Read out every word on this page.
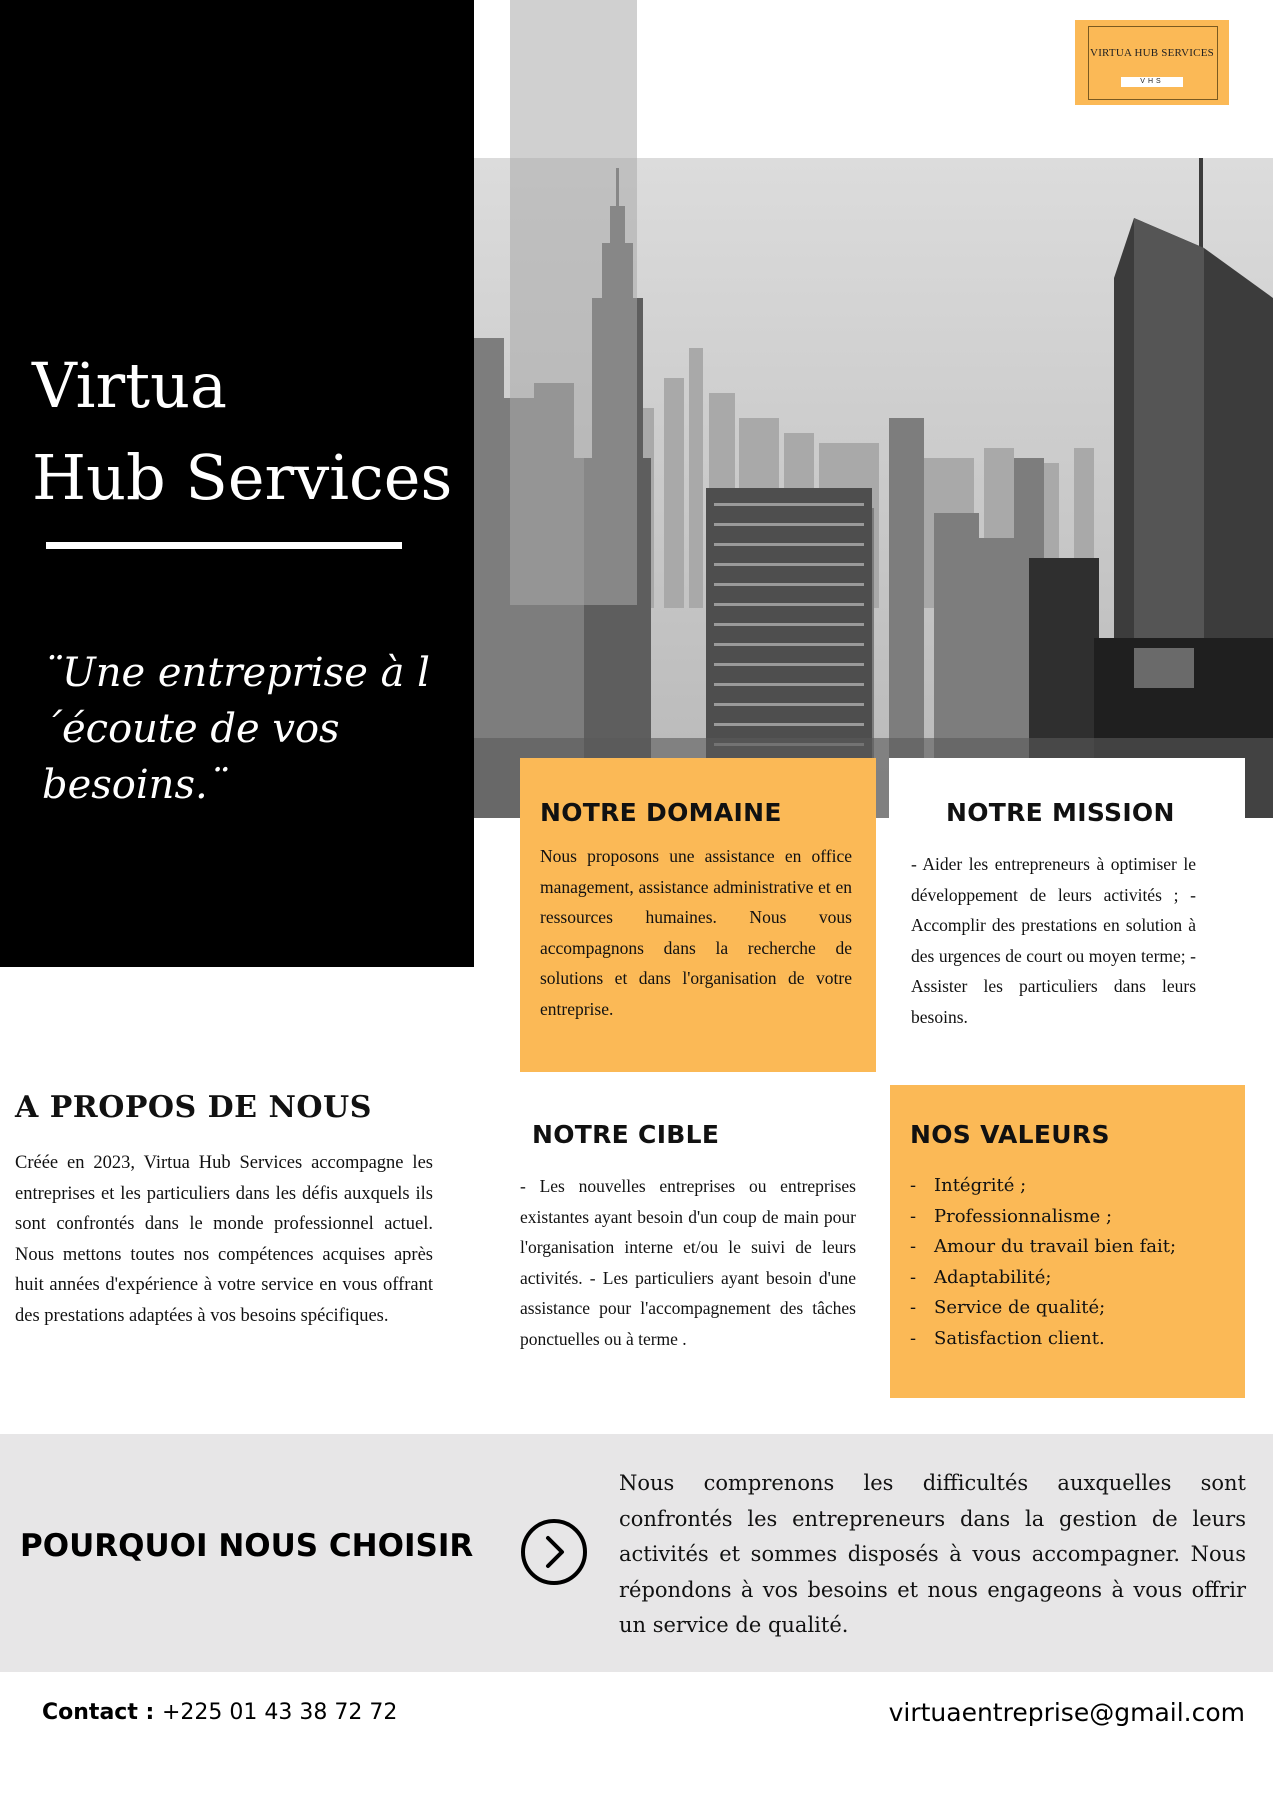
Virtua
Hub Services

¨Une entreprise à l´écoute de vos besoins.¨

VIRTUA HUB SERVICES
VHS
NOTRE DOMAINE

Nous proposons une assistance en office management, assistance administrative et en ressources humaines. Nous vous accompagnons dans la recherche de solutions et dans l'organisation de votre entreprise.

NOTRE MISSION

- Aider les entrepreneurs à optimiser le développement de leurs activités ; - Accomplir des prestations en solution à des urgences de court ou moyen terme; - Assister les particuliers dans leurs besoins.

NOTRE CIBLE

- Les nouvelles entreprises ou entreprises existantes ayant besoin d'un coup de main pour l'organisation interne et/ou le suivi de leurs activités. - Les particuliers ayant besoin d'une assistance pour l'accompagnement des tâches ponctuelles ou à terme .

NOS VALEURS
- Intégrité ;
- Professionnalisme ;
- Amour du travail bien fait;
- Adaptabilité;
- Service de qualité;
- Satisfaction client.
A PROPOS DE NOUS

Créée en 2023, Virtua Hub Services accompagne les entreprises et les particuliers dans les défis auxquels ils sont confrontés dans le monde professionnel actuel. Nous mettons toutes nos compétences acquises après huit années d'expérience à votre service en vous offrant des prestations adaptées à vos besoins spécifiques.

POURQUOI NOUS CHOISIR

Nous comprenons les difficultés auxquelles sont confrontés les entrepreneurs dans la gestion de leurs activités et sommes disposés à vous accompagner. Nous répondons à vos besoins et nous engageons à vous offrir un service de qualité.

Contact : +225 01 43 38 72 72	virtuaentreprise@gmail.com
